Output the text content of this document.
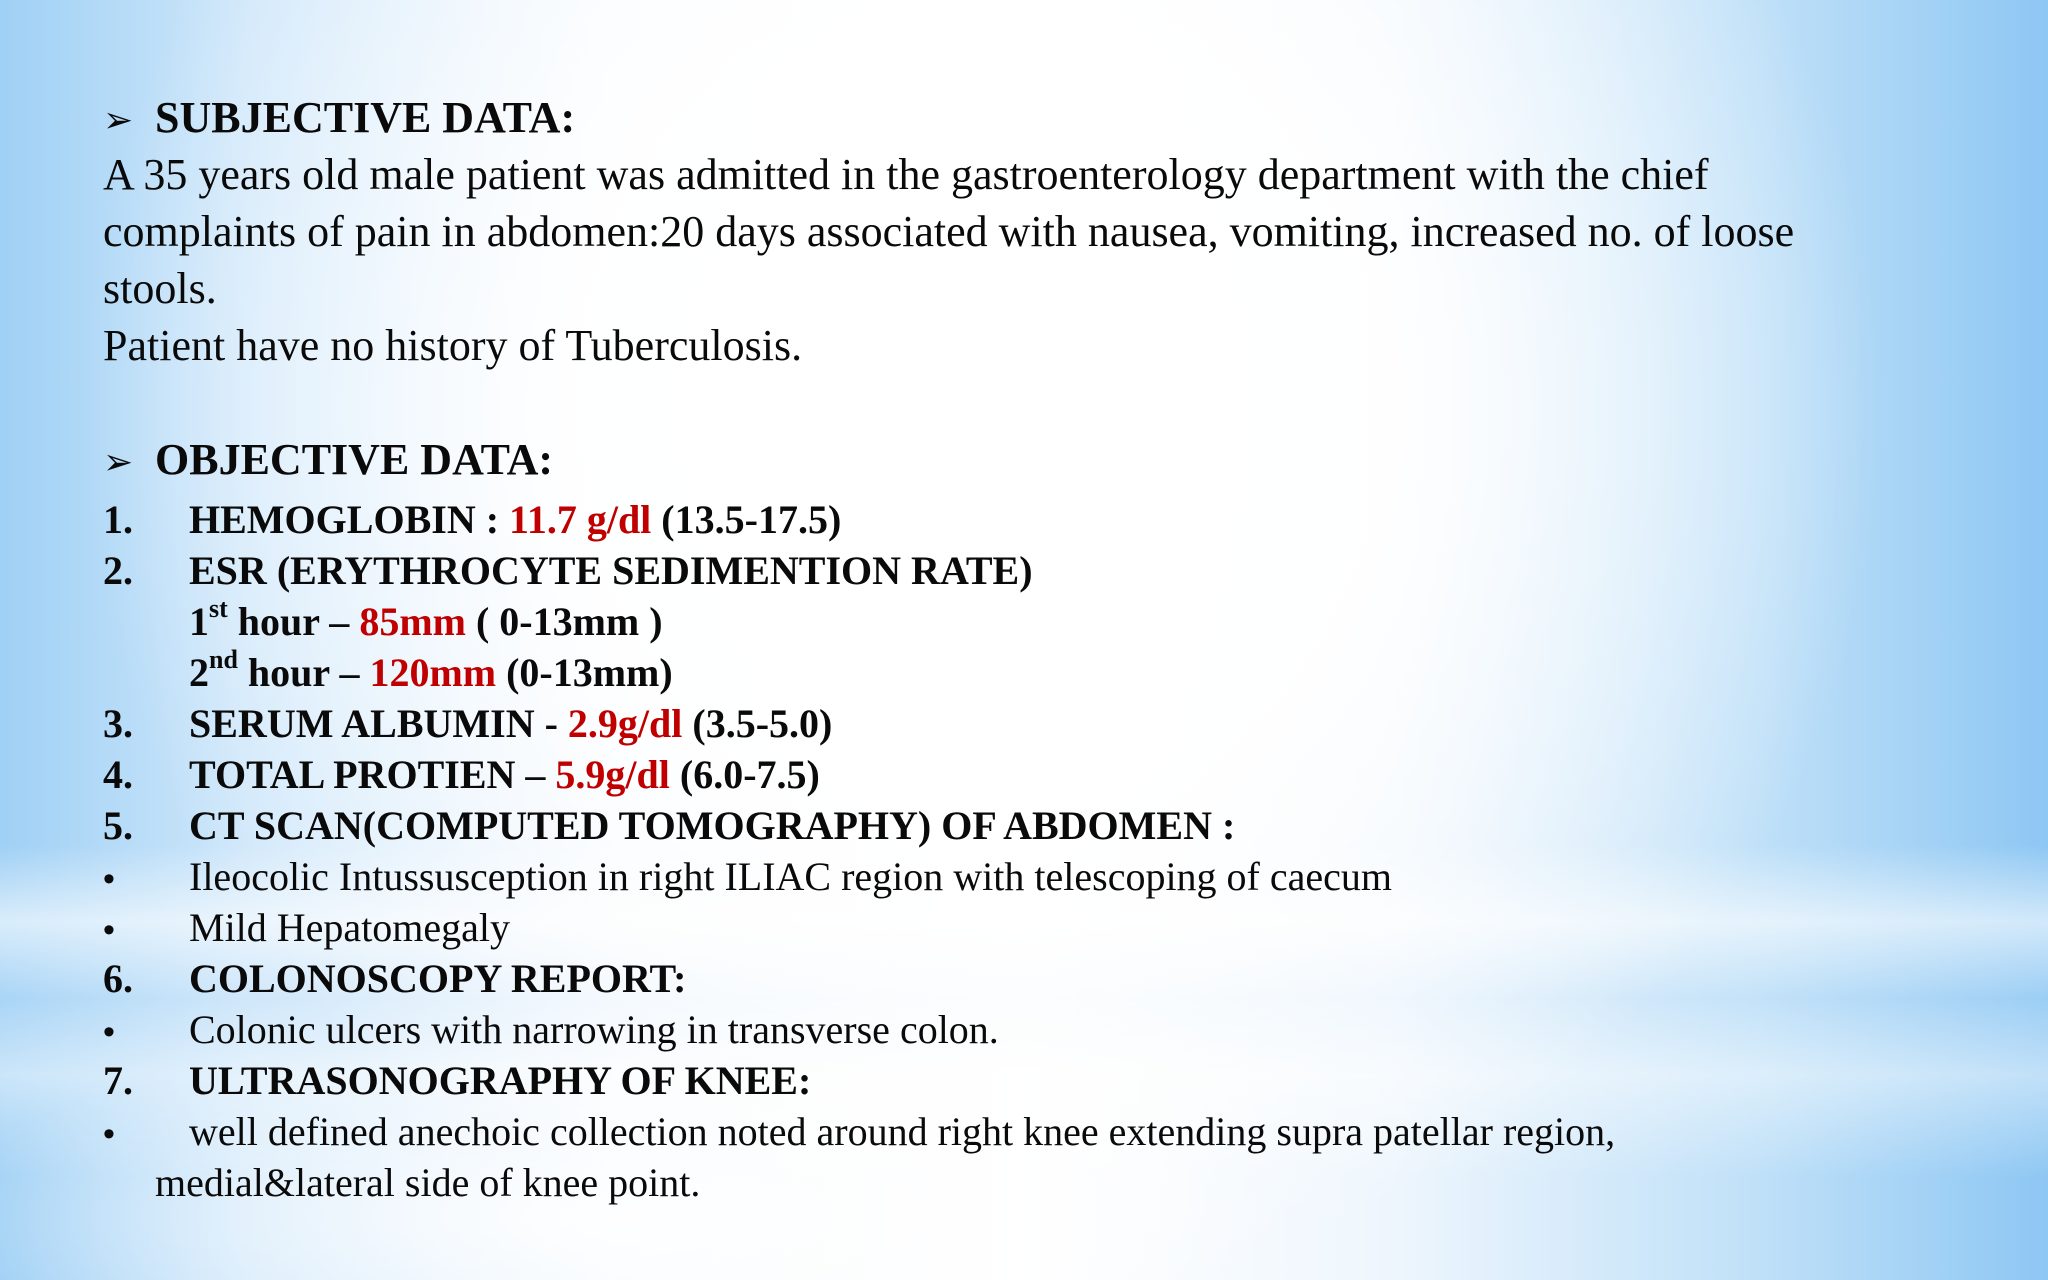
➢ SUBJECTIVE DATA:
A 35 years old male patient was admitted in the gastroenterology department with the chief
complaints of pain in abdomen:20 days associated with nausea, vomiting, increased no. of loose
stools.
Patient have no history of Tuberculosis.
➢ OBJECTIVE DATA:
1. HEMOGLOBIN : 11.7 g/dl (13.5-17.5)
2. ESR (ERYTHROCYTE SEDIMENTION RATE)
1st hour – 85mm ( 0-13mm )
2nd hour – 120mm (0-13mm)
3. SERUM ALBUMIN - 2.9g/dl (3.5-5.0)
4. TOTAL PROTIEN – 5.9g/dl (6.0-7.5)
5. CT SCAN(COMPUTED TOMOGRAPHY) OF ABDOMEN :
• Ileocolic Intussusception in right ILIAC region with telescoping of caecum
• Mild Hepatomegaly
6. COLONOSCOPY REPORT:
• Colonic ulcers with narrowing in transverse colon.
7. ULTRASONOGRAPHY OF KNEE:
• well defined anechoic collection noted around right knee extending supra patellar region,
medial&lateral side of knee point.
